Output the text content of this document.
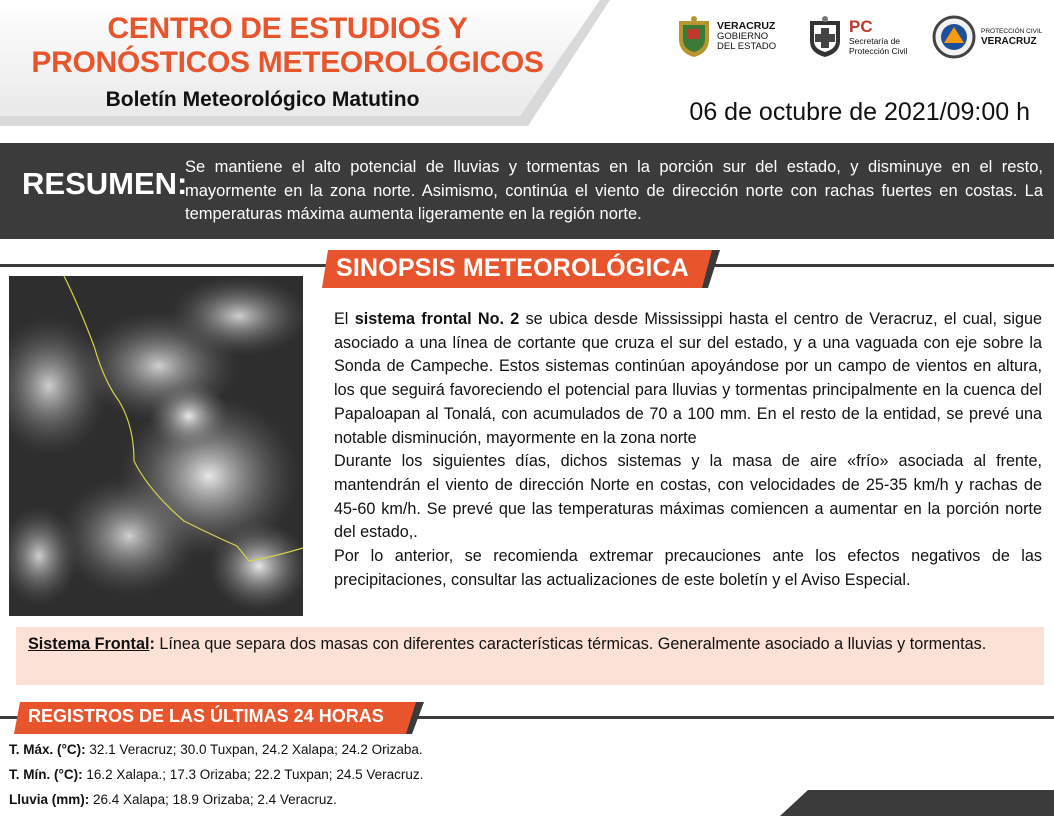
CENTRO DE ESTUDIOS Y
PRONÓSTICOS METEOROLÓGICOS
Boletín Meteorológico Matutino	06 de octubre de 2021/09:00 h
VERACRUZ
GOBIERNO
DEL ESTADO
PC
Secretaría de
Protección Civil
PROTECCIÓN CIVIL
VERACRUZ
RESUMEN:
Se mantiene el alto potencial de lluvias y tormentas en la porción sur del estado, y disminuye en el resto, mayormente en la zona norte. Asimismo, continúa el viento de dirección norte con rachas fuertes en costas. La temperaturas máxima aumenta ligeramente en la región norte.
SINOPSIS METEOROLÓGICA

El sistema frontal No. 2 se ubica desde Mississippi hasta el centro de Veracruz, el cual, sigue asociado a una línea de cortante que cruza el sur del estado, y a una vaguada con eje sobre la Sonda de Campeche. Estos sistemas continúan apoyándose por un campo de vientos en altura, los que seguirá favoreciendo el potencial para lluvias y tormentas principalmente en la cuenca del Papaloapan al Tonalá, con acumulados de 70 a 100 mm. En el resto de la entidad, se prevé una notable disminución, mayormente en la zona norte

Durante los siguientes días, dichos sistemas y la masa de aire «frío» asociada al frente, mantendrán el viento de dirección Norte en costas, con velocidades de 25-35 km/h y rachas de 45-60 km/h. Se prevé que las temperaturas máximas comiencen a aumentar en la porción norte del estado,.

Por lo anterior, se recomienda extremar precauciones ante los efectos negativos de las precipitaciones, consultar las actualizaciones de este boletín y el Aviso Especial.

Sistema Frontal: Línea que separa dos masas con diferentes características térmicas. Generalmente asociado a lluvias y tormentas.
REGISTROS DE LAS ÚLTIMAS 24 HORAS
T. Máx. (°C): 32.1 Veracruz; 30.0 Tuxpan, 24.2 Xalapa; 24.2 Orizaba.
T. Mín. (°C): 16.2 Xalapa.; 17.3 Orizaba; 22.2 Tuxpan; 24.5 Veracruz.
Lluvia (mm): 26.4 Xalapa; 18.9 Orizaba; 2.4 Veracruz.
